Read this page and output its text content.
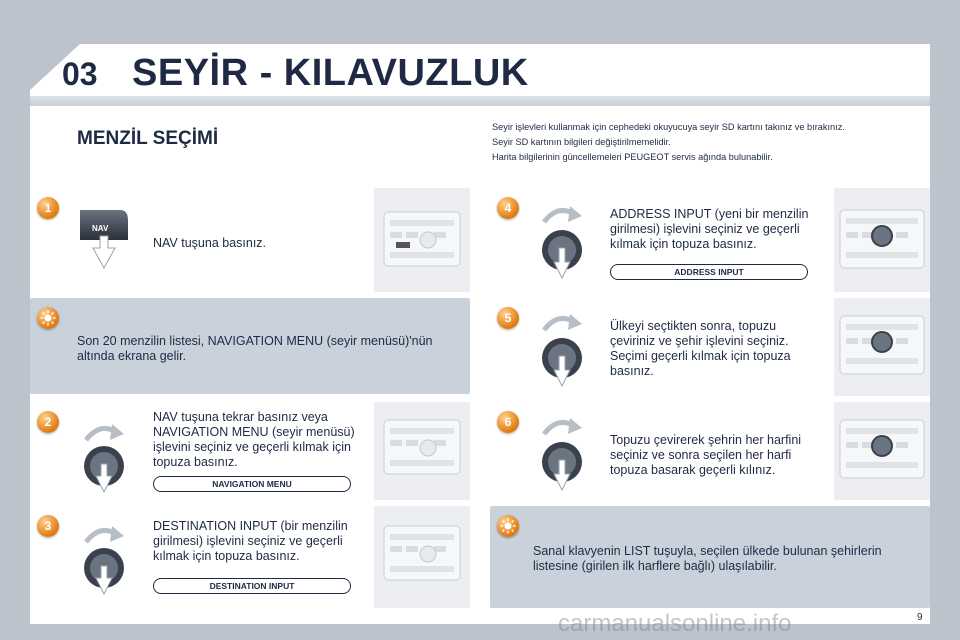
03 SEYİR - KILAVUZLUK
MENZİL SEÇİMİ
Seyir işlevleri kullanmak için cephedeki okuyucuya seyir SD kartını takınız ve bırakınız.
Seyir SD kartının bilgileri değiştirilmemelidir.
Harita bilgilerinin güncellemeleri PEUGEOT servis ağında bulunabilir.
1
NAV
NAV tuşuna basınız.
Son 20 menzilin listesi, NAVIGATION MENU (seyir menüsü)'nün altında ekrana gelir.
2	NAV tuşuna tekrar basınız veya NAVIGATION MENU (seyir menüsü) işlevini seçiniz ve geçerli kılmak için topuza basınız.
NAVIGATION MENU
3	DESTINATION INPUT (bir menzilin girilmesi) işlevini seçiniz ve geçerli kılmak için topuza basınız.
DESTINATION INPUT
4	ADDRESS INPUT (yeni bir menzilin girilmesi) işlevini seçiniz ve geçerli kılmak için topuza basınız.
ADDRESS INPUT
5
Ülkeyi seçtikten sonra, topuzu çeviriniz ve şehir işlevini seçiniz. Seçimi geçerli kılmak için topuza basınız.
6
Topuzu çevirerek şehrin her harfini seçiniz ve sonra seçilen her harfi topuza basarak geçerli kılınız.
Sanal klavyenin LIST tuşuyla, seçilen ülkede bulunan şehirlerin listesine (girilen ilk harflere bağlı) ulaşılabilir.
carmanualsonline.info	9
